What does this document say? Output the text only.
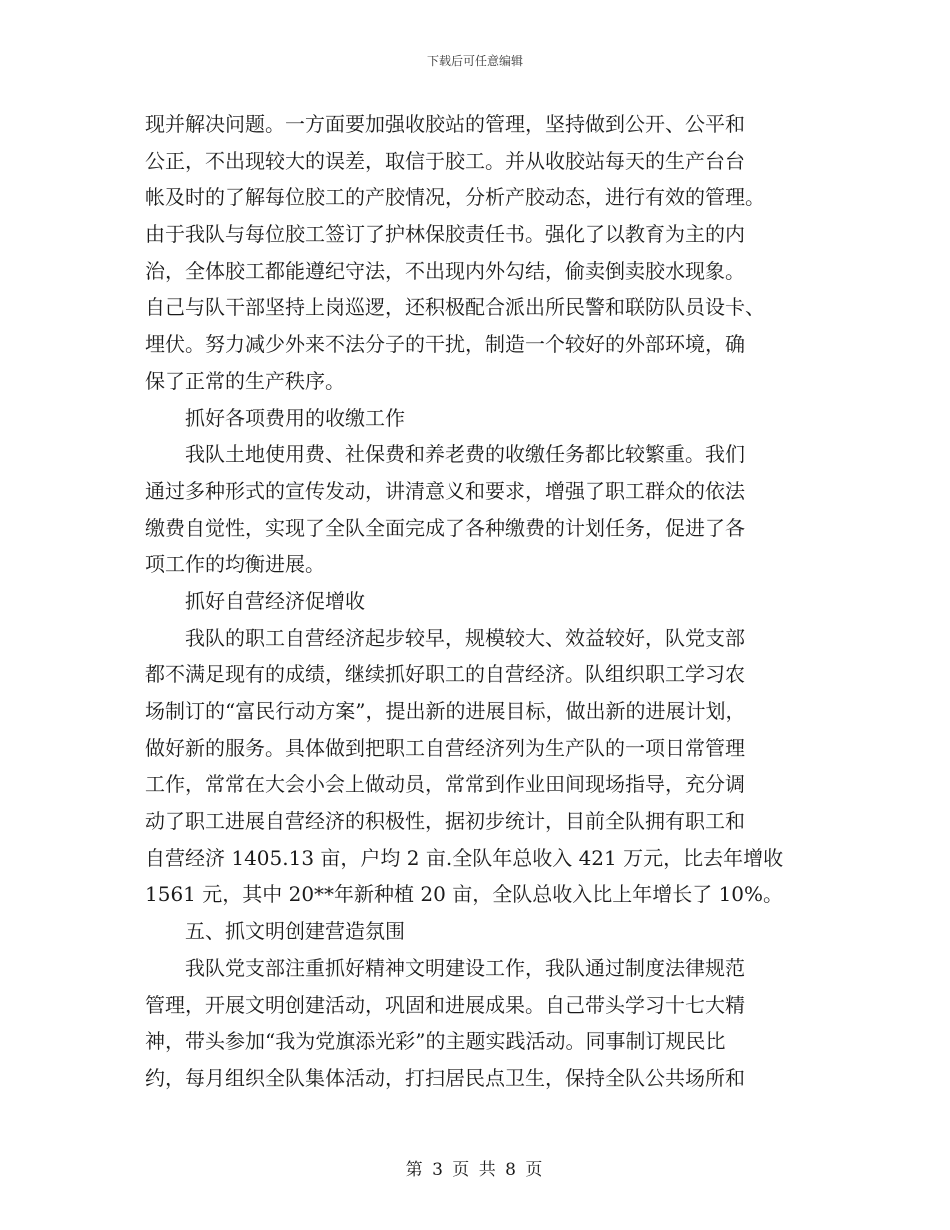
下载后可任意编辑
现并解决问题。一方面要加强收胶站的管理，坚持做到公开、公平和
公正，不出现较大的误差，取信于胶工。并从收胶站每天的生产台台
帐及时的了解每位胶工的产胶情况，分析产胶动态，进行有效的管理。
由于我队与每位胶工签订了护林保胶责任书。强化了以教育为主的内
治，全体胶工都能遵纪守法，不出现内外勾结，偷卖倒卖胶水现象。
自己与队干部坚持上岗巡逻，还积极配合派出所民警和联防队员设卡、
埋伏。努力减少外来不法分子的干扰，制造一个较好的外部环境，确
保了正常的生产秩序。
抓好各项费用的收缴工作
我队土地使用费、社保费和养老费的收缴任务都比较繁重。我们
通过多种形式的宣传发动，讲清意义和要求，增强了职工群众的依法
缴费自觉性，实现了全队全面完成了各种缴费的计划任务，促进了各
项工作的均衡进展。
抓好自营经济促增收
我队的职工自营经济起步较早，规模较大、效益较好，队党支部
都不满足现有的成绩，继续抓好职工的自营经济。队组织职工学习农
场制订的“富民行动方案”，提出新的进展目标，做出新的进展计划，
做好新的服务。具体做到把职工自营经济列为生产队的一项日常管理
工作，常常在大会小会上做动员，常常到作业田间现场指导，充分调
动了职工进展自营经济的积极性，据初步统计，目前全队拥有职工和
自营经济 1405.13 亩，户均 2 亩.全队年总收入 421 万元，比去年增收
1561 元，其中 20**年新种植 20 亩，全队总收入比上年增长了 10%。
五、抓文明创建营造氛围
我队党支部注重抓好精神文明建设工作，我队通过制度法律规范
管理，开展文明创建活动，巩固和进展成果。自己带头学习十七大精
神，带头参加“我为党旗添光彩”的主题实践活动。同事制订规民比
约，每月组织全队集体活动，打扫居民点卫生，保持全队公共场所和
第 3 页 共 8 页
